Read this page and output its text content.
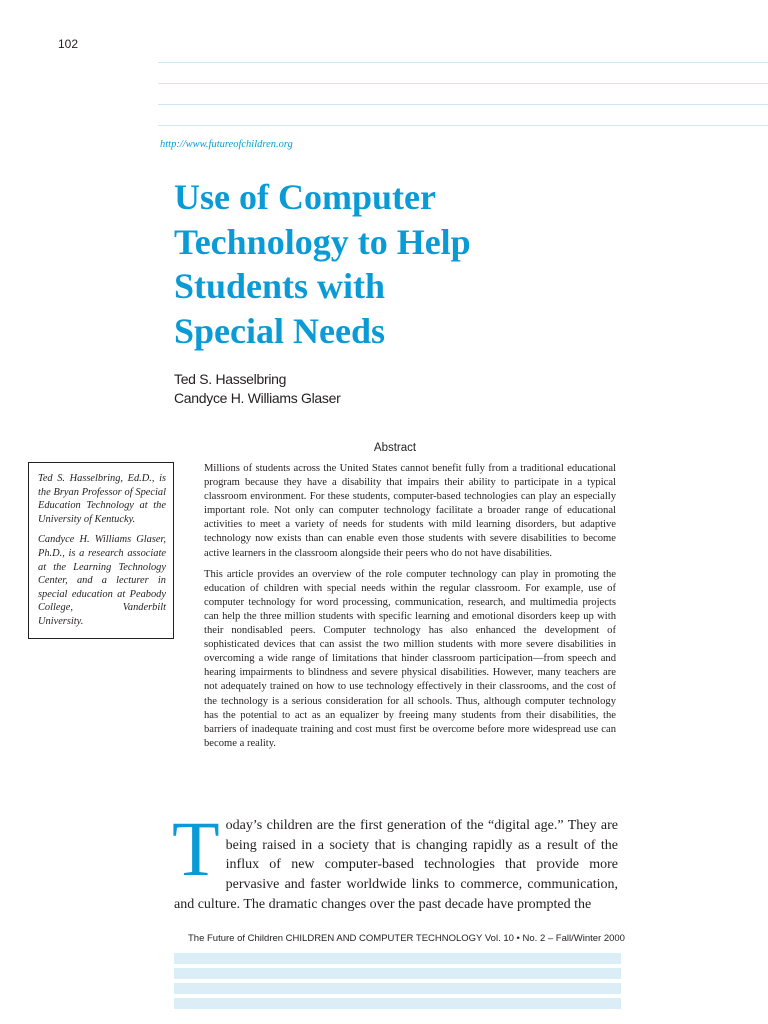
102
http://www.futureofchildren.org
Use of Computer
Technology to Help
Students with
Special Needs
Ted S. Hasselbring
Candyce H. Williams Glaser
Abstract

Millions of students across the United States cannot benefit fully from a traditional educational program because they have a disability that impairs their ability to participate in a typical classroom environment. For these students, computer-based technologies can play an especially important role. Not only can computer technology facilitate a broader range of educational activities to meet a variety of needs for students with mild learning disorders, but adaptive technology now exists than can enable even those students with severe disabilities to become active learners in the classroom alongside their peers who do not have disabilities.

This article provides an overview of the role computer technology can play in promoting the education of children with special needs within the regular classroom. For example, use of computer technology for word processing, communication, research, and multimedia projects can help the three million students with specific learning and emotional disorders keep up with their nondisabled peers. Computer technology has also enhanced the development of sophisticated devices that can assist the two million students with more severe disabilities in overcoming a wide range of limitations that hinder classroom participation—from speech and hearing impairments to blindness and severe physical disabilities. However, many teachers are not adequately trained on how to use technology effectively in their classrooms, and the cost of the technology is a serious consideration for all schools. Thus, although computer technology has the potential to act as an equalizer by freeing many students from their disabilities, the barriers of inadequate training and cost must first be overcome before more widespread use can become a reality.

Ted S. Hasselbring, Ed.D., is the Bryan Professor of Special Education Technology at the University of Kentucky.

Candyce H. Williams Glaser, Ph.D., is a research associate at the Learning Technology Center, and a lecturer in special education at Peabody College, Vanderbilt University.

Today’s children are the first generation of the “digital age.” They are being raised in a society that is changing rapidly as a result of the influx of new computer-based technologies that provide more pervasive and faster worldwide links to commerce, communication, and culture. The dramatic changes over the past decade have prompted the

The Future of Children CHILDREN AND COMPUTER TECHNOLOGY Vol. 10 • No. 2 – Fall/Winter 2000
